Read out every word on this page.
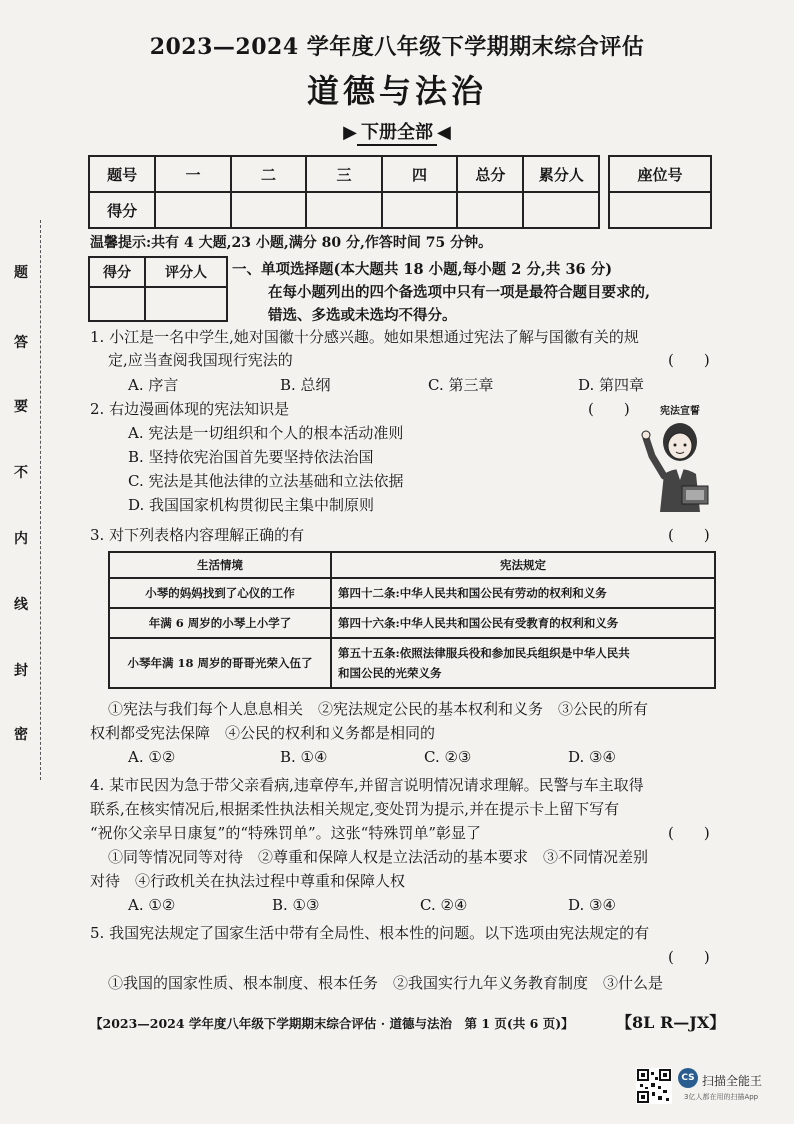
题
答
要
不
内
线
封
密
2023—2024 学年度八年级下学期期末综合评估
道德与法治
▶ 下册全部 ◀
题号	一	二	三	四	总分	累分人
得分						
座位号

温馨提示:共有 4 大题,23 小题,满分 80 分,作答时间 75 分钟。
得分	评分人
	一、单项选择题(本大题共 18 小题,每小题 2 分,共 36 分)
在每小题列出的四个备选项中只有一项是最符合题目要求的,
错选、多选或未选均不得分。
1. 小江是一名中学生,她对国徽十分感兴趣。她如果想通过宪法了解与国徽有关的规
定,应当查阅我国现行宪法的	(　　)
A. 序言	B. 总纲	C. 第三章	D. 第四章
2. 右边漫画体现的宪法知识是	(　　)
A. 宪法是一切组织和个人的根本活动准则
B. 坚持依宪治国首先要坚持依法治国
C. 宪法是其他法律的立法基础和立法依据
D. 我国国家机构贯彻民主集中制原则
宪法宣誓
3. 对下列表格内容理解正确的有	(　　)
生活情境	宪法规定
小琴的妈妈找到了心仪的工作	第四十二条:中华人民共和国公民有劳动的权利和义务
年满 6 周岁的小琴上小学了	第四十六条:中华人民共和国公民有受教育的权利和义务
小琴年满 18 周岁的哥哥光荣入伍了	第五十五条:依照法律服兵役和参加民兵组织是中华人民共
和国公民的光荣义务
①宪法与我们每个人息息相关　②宪法规定公民的基本权利和义务　③公民的所有
权利都受宪法保障　④公民的权利和义务都是相同的
A. ①②	B. ①④	C. ②③	D. ③④
4. 某市民因为急于带父亲看病,违章停车,并留言说明情况请求理解。民警与车主取得
联系,在核实情况后,根据柔性执法相关规定,变处罚为提示,并在提示卡上留下写有
“祝你父亲早日康复”的“特殊罚单”。这张“特殊罚单”彰显了	(　　)
①同等情况同等对待　②尊重和保障人权是立法活动的基本要求　③不同情况差别
对待　④行政机关在执法过程中尊重和保障人权
A. ①②	B. ①③	C. ②④	D. ③④
5. 我国宪法规定了国家生活中带有全局性、根本性的问题。以下选项由宪法规定的有
(　　)
①我国的国家性质、根本制度、根本任务　②我国实行九年义务教育制度　③什么是
【2023—2024 学年度八年级下学期期末综合评估 · 道德与法治　第 1 页(共 6 页)】	【8L R—JX】
CS 扫描全能王
3亿人都在用的扫描App
